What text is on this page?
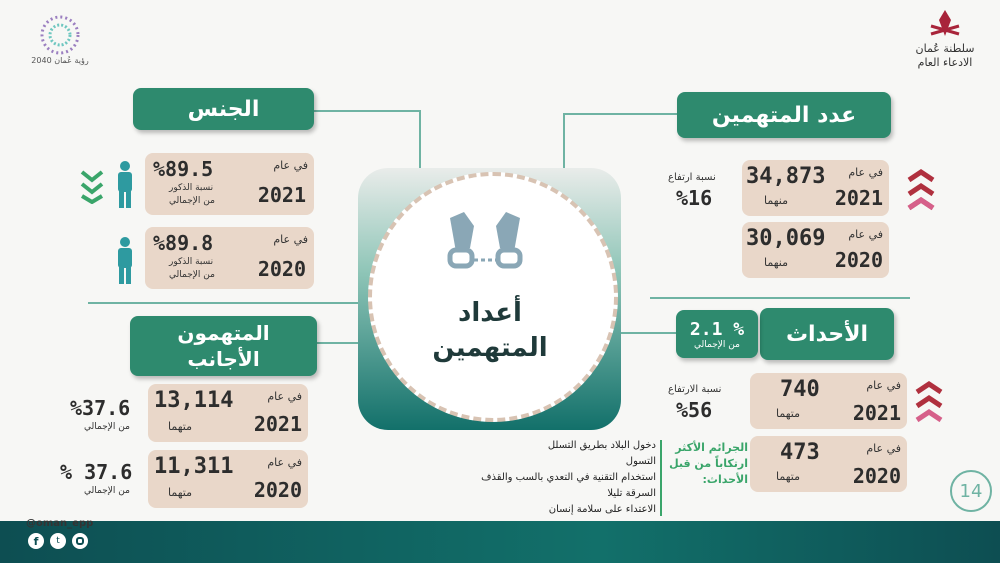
رؤية عُمان 2040
سلطنة عُمان
الادعاء العام
أعداد
المتهمين
الجنس
في عام
2021
%89.5
نسبة الذكور
من الإجمالي
في عام
2020
%89.8
نسبة الذكور
من الإجمالي
عدد المتهمين
في عام
2021
34,873
منهما
في عام
2020
30,069
منهما
نسبة ارتفاع
%16
المتهمون
الأجانب
في عام
2021
13,114
متهما
%37.6
من الإجمالي
في عام
2020
11,311
متهما
% 37.6
من الإجمالي
الأحداث
2.1 %
من الإجمالي
نسبة الارتفاع
%56
في عام
2021
740
متهما
في عام
2020
473
متهما
الجرائم الأكثر ارتكاباً من قبل الأحداث:
دخول البلاد بطريق التسلل
التسول
استخدام التقنية في التعدي بالسب والقذف
السرقة تليلا
الاعتداء على سلامة إنسان
14
@oman_epp
f	t
